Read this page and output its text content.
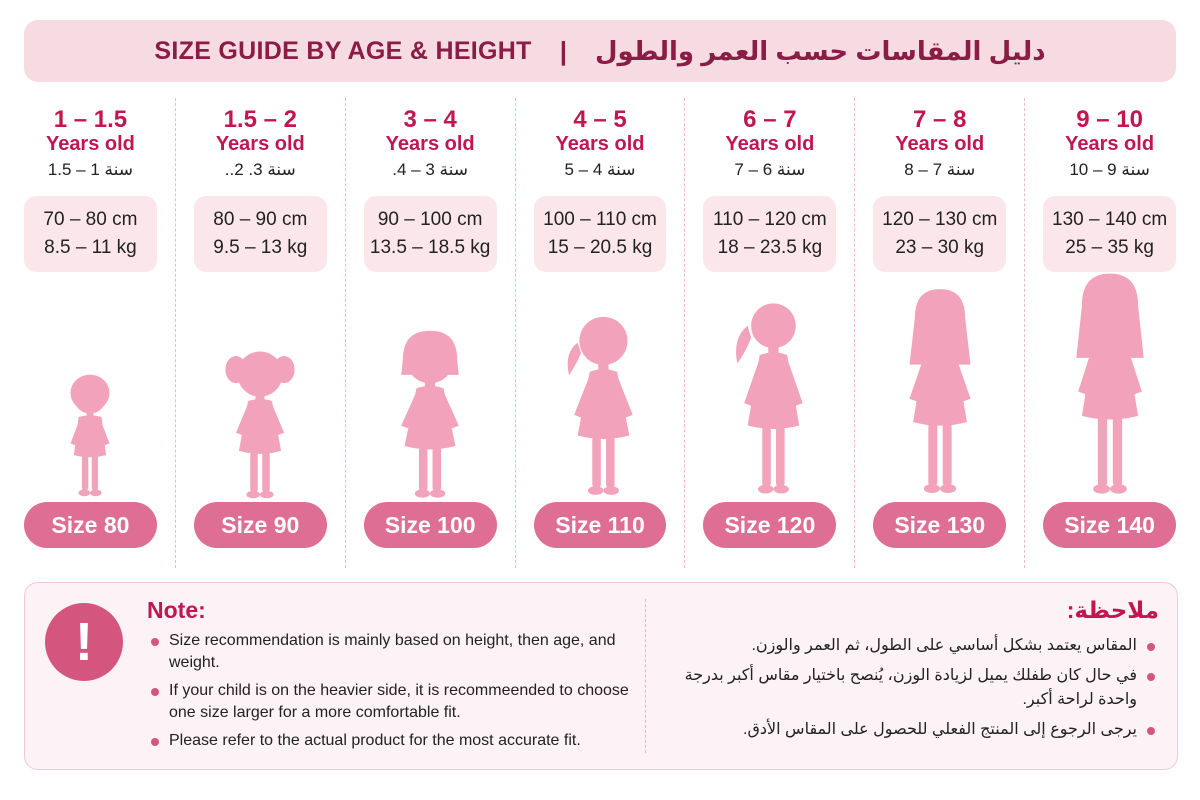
SIZE GUIDE BY AGE & HEIGHT | دليل المقاسات حسب العمر والطول
1 – 1.5
Years old
سنة 1 – 1.5
70 – 80 cm
8.5 – 11 kg
Size 80
1.5 – 2
Years old
سنة 3. 2..
80 – 90 cm
9.5 – 13 kg
Size 90
3 – 4
Years old
سنة 3 – 4.
90 – 100 cm
13.5 – 18.5 kg
Size 100
4 – 5
Years old
سنة 4 – 5
100 – 110 cm
15 – 20.5 kg
Size 110
6 – 7
Years old
سنة 6 – 7
110 – 120 cm
18 – 23.5 kg
Size 120
7 – 8
Years old
سنة 7 – 8
120 – 130 cm
23 – 30 kg
Size 130
9 – 10
Years old
سنة 9 – 10
130 – 140 cm
25 – 35 kg
Size 140
!
Note:
Size recommendation is mainly based on height, then age, and weight.
If your child is on the heavier side, it is recommeended to choose one size larger for a more comfortable fit.
Please refer to the actual product for the most accurate fit.
ملاحظة:
المقاس يعتمد بشكل أساسي على الطول، ثم العمر والوزن.
في حال كان طفلك يميل لزيادة الوزن، يُنصح باختيار مقاس أكبر بدرجة واحدة لراحة أكبر.
يرجى الرجوع إلى المنتج الفعلي للحصول على المقاس الأدق.
